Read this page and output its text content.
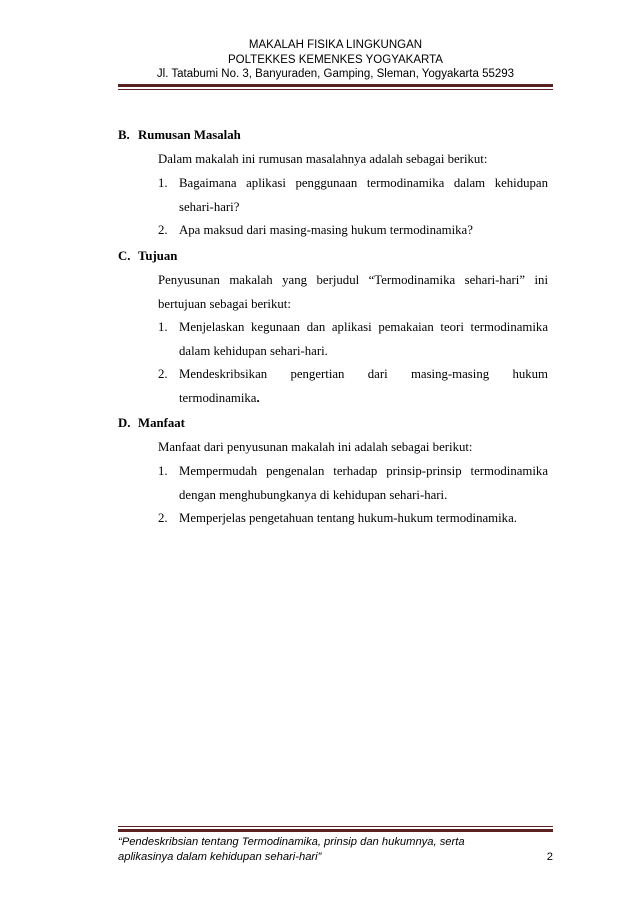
MAKALAH FISIKA LINGKUNGAN
POLTEKKES KEMENKES YOGYAKARTA
Jl. Tatabumi No. 3, Banyuraden, Gamping, Sleman, Yogyakarta 55293
B. Rumusan Masalah
Dalam makalah ini rumusan masalahnya adalah sebagai berikut:
1. Bagaimana aplikasi penggunaan termodinamika dalam kehidupan sehari-hari?
2. Apa maksud dari masing-masing hukum termodinamika?
C. Tujuan
Penyusunan makalah yang berjudul “Termodinamika sehari-hari” ini bertujuan sebagai berikut:
1. Menjelaskan kegunaan dan aplikasi pemakaian teori termodinamika dalam kehidupan sehari-hari.
2. Mendeskribsikan pengertian dari masing-masing hukum
termodinamika.
D. Manfaat
Manfaat dari penyusunan makalah ini adalah sebagai berikut:
1. Mempermudah pengenalan terhadap prinsip-prinsip termodinamika dengan menghubungkanya di kehidupan sehari-hari.
2. Memperjelas pengetahuan tentang hukum-hukum termodinamika.
“Pendeskribsian tentang Termodinamika, prinsip dan hukumnya, serta aplikasinya dalam kehidupan sehari-hari”	2
